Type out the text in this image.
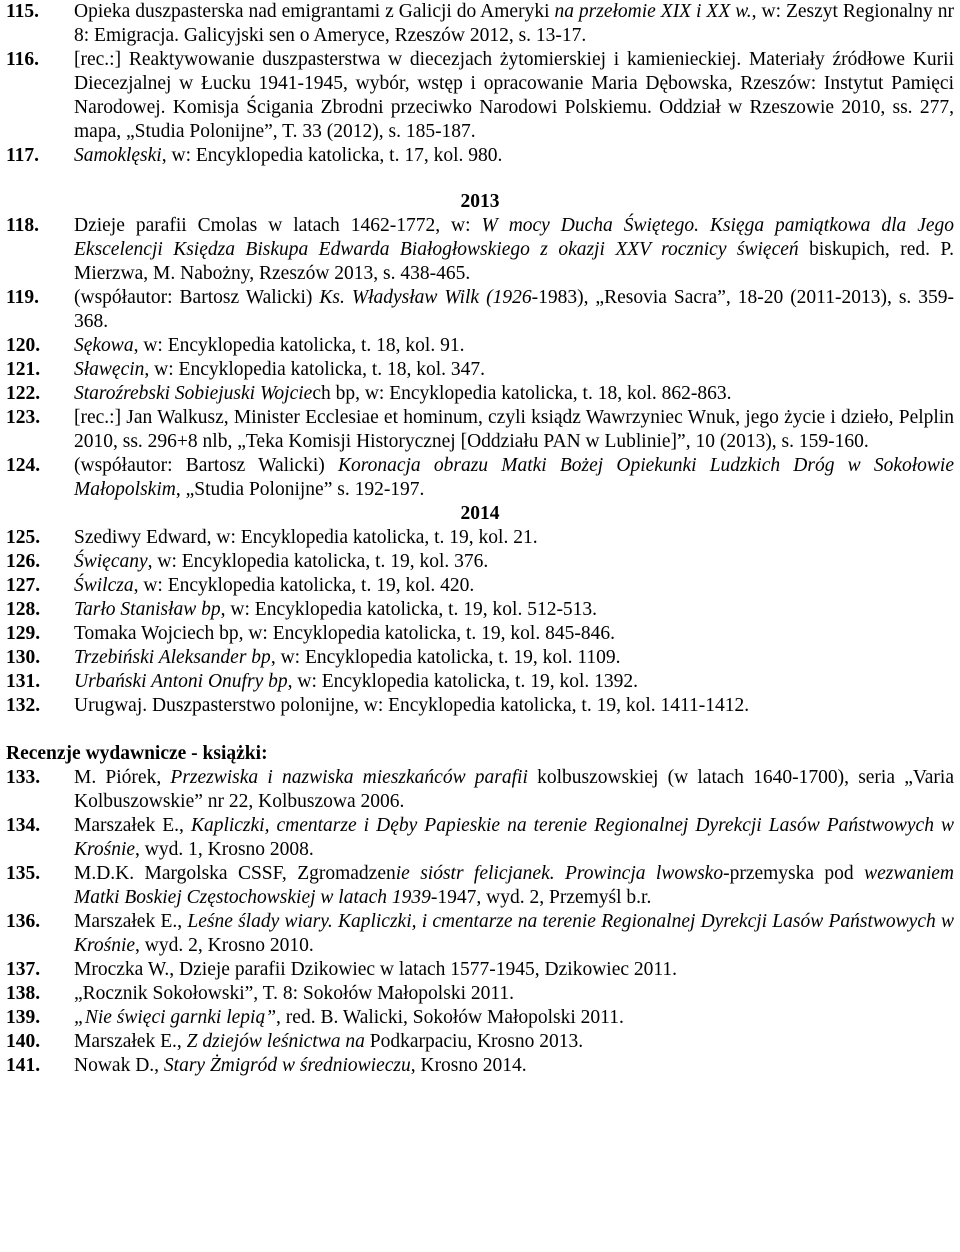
115. Opieka duszpasterska nad emigrantami z Galicji do Ameryki na przełomie XIX i XX w., w: Zeszyt Regionalny nr 8: Emigracja. Galicyjski sen o Ameryce, Rzeszów 2012, s. 13-17.

116. [rec.:] Reaktywowanie duszpasterstwa w diecezjach żytomierskiej i kamienieckiej. Materiały źródłowe Kurii Diecezjalnej w Łucku 1941-1945, wybór, wstęp i opracowanie Maria Dębowska, Rzeszów: Instytut Pamięci Narodowej. Komisja Ścigania Zbrodni przeciwko Narodowi Polskiemu. Oddział w Rzeszowie 2010, ss. 277, mapa, „Studia Polonijne”, T. 33 (2012), s. 185-187.

117. Samoklęski, w: Encyklopedia katolicka, t. 17, kol. 980.

2013

118. Dzieje parafii Cmolas w latach 1462-1772, w: W mocy Ducha Świętego. Księga pamiątkowa dla Jego Ekscelencji Księdza Biskupa Edwarda Białogłowskiego z okazji XXV rocznicy święceń biskupich, red. P. Mierzwa, M. Nabożny, Rzeszów 2013, s. 438-465.

119. (współautor: Bartosz Walicki) Ks. Władysław Wilk (1926-1983), „Resovia Sacra”, 18-20 (2011-2013), s. 359-368.

120. Sękowa, w: Encyklopedia katolicka, t. 18, kol. 91.

121. Sławęcin, w: Encyklopedia katolicka, t. 18, kol. 347.

122. Staroźrebski Sobiejuski Wojciech bp, w: Encyklopedia katolicka, t. 18, kol. 862-863.

123. [rec.:] Jan Walkusz, Minister Ecclesiae et hominum, czyli ksiądz Wawrzyniec Wnuk, jego życie i dzieło, Pelplin 2010, ss. 296+8 nlb, „Teka Komisji Historycznej [Oddziału PAN w Lublinie]”, 10 (2013), s. 159-160.

124. (współautor: Bartosz Walicki) Koronacja obrazu Matki Bożej Opiekunki Ludzkich Dróg w Sokołowie Małopolskim, „Studia Polonijne” s. 192-197.

2014

125. Szediwy Edward, w: Encyklopedia katolicka, t. 19, kol. 21.

126. Święcany, w: Encyklopedia katolicka, t. 19, kol. 376.

127. Świlcza, w: Encyklopedia katolicka, t. 19, kol. 420.

128. Tarło Stanisław bp, w: Encyklopedia katolicka, t. 19, kol. 512-513.

129. Tomaka Wojciech bp, w: Encyklopedia katolicka, t. 19, kol. 845-846.

130. Trzebiński Aleksander bp, w: Encyklopedia katolicka, t. 19, kol. 1109.

131. Urbański Antoni Onufry bp, w: Encyklopedia katolicka, t. 19, kol. 1392.

132. Urugwaj. Duszpasterstwo polonijne, w: Encyklopedia katolicka, t. 19, kol. 1411-1412.

Recenzje wydawnicze - książki:

133. M. Piórek, Przezwiska i nazwiska mieszkańców parafii kolbuszowskiej (w latach 1640-1700), seria „Varia Kolbuszowskie” nr 22, Kolbuszowa 2006.

134. Marszałek E., Kapliczki, cmentarze i Dęby Papieskie na terenie Regionalnej Dyrekcji Lasów Państwowych w Krośnie, wyd. 1, Krosno 2008.

135. M.D.K. Margolska CSSF, Zgromadzenie sióstr felicjanek. Prowincja lwowsko-przemyska pod wezwaniem Matki Boskiej Częstochowskiej w latach 1939-1947, wyd. 2, Przemyśl b.r.

136. Marszałek E., Leśne ślady wiary. Kapliczki, i cmentarze na terenie Regionalnej Dyrekcji Lasów Państwowych w Krośnie, wyd. 2, Krosno 2010.

137. Mroczka W., Dzieje parafii Dzikowiec w latach 1577-1945, Dzikowiec 2011.

138. „Rocznik Sokołowski”, T. 8: Sokołów Małopolski 2011.

139. „Nie święci garnki lepią”, red. B. Walicki, Sokołów Małopolski 2011.

140. Marszałek E., Z dziejów leśnictwa na Podkarpaciu, Krosno 2013.

141. Nowak D., Stary Żmigród w średniowieczu, Krosno 2014.
